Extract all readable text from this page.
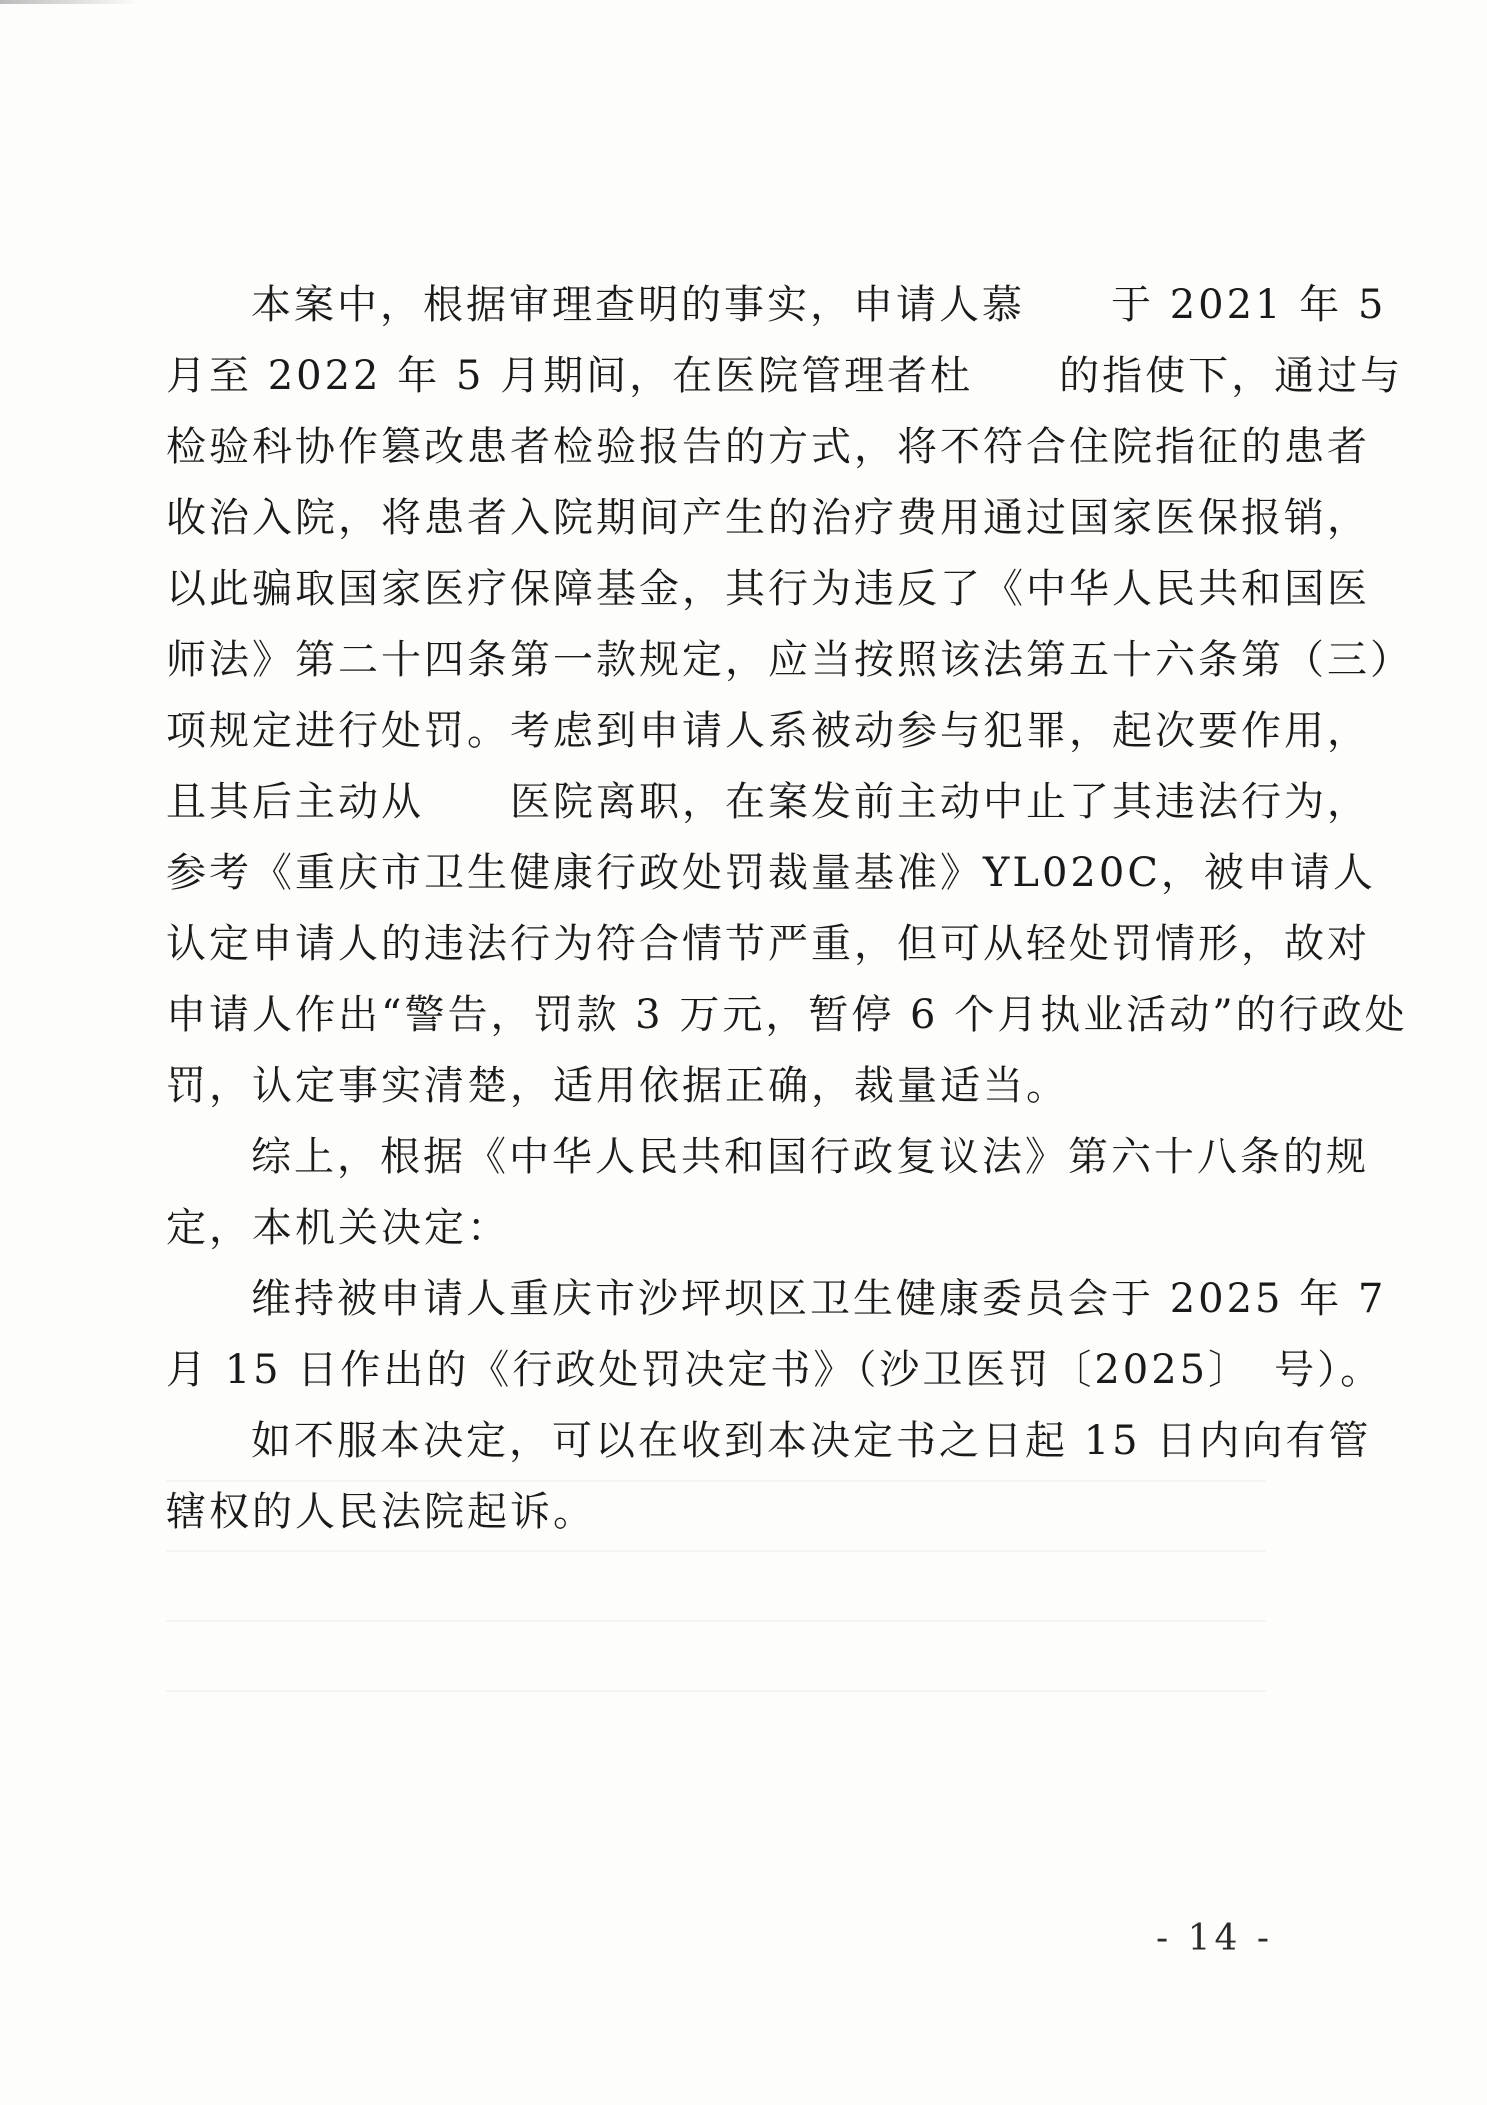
本案中，根据审理查明的事实，申请人慕　　于 2021 年 5
月至 2022 年 5 月期间，在医院管理者杜　　的指使下，通过与
检验科协作篡改患者检验报告的方式，将不符合住院指征的患者
收治入院，将患者入院期间产生的治疗费用通过国家医保报销，
以此骗取国家医疗保障基金，其行为违反了《中华人民共和国医
师法》第二十四条第一款规定，应当按照该法第五十六条第（三）
项规定进行处罚。考虑到申请人系被动参与犯罪，起次要作用，
且其后主动从　　医院离职，在案发前主动中止了其违法行为，
参考《重庆市卫生健康行政处罚裁量基准》YL020C，被申请人
认定申请人的违法行为符合情节严重，但可从轻处罚情形，故对
申请人作出“警告，罚款 3 万元，暂停 6 个月执业活动”的行政处
罚，认定事实清楚，适用依据正确，裁量适当。
综上，根据《中华人民共和国行政复议法》第六十八条的规
定，本机关决定：
维持被申请人重庆市沙坪坝区卫生健康委员会于 2025 年 7
月 15 日作出的《行政处罚决定书》（沙卫医罚〔2025〕　号）。
如不服本决定，可以在收到本决定书之日起 15 日内向有管
辖权的人民法院起诉。
- 14 -
